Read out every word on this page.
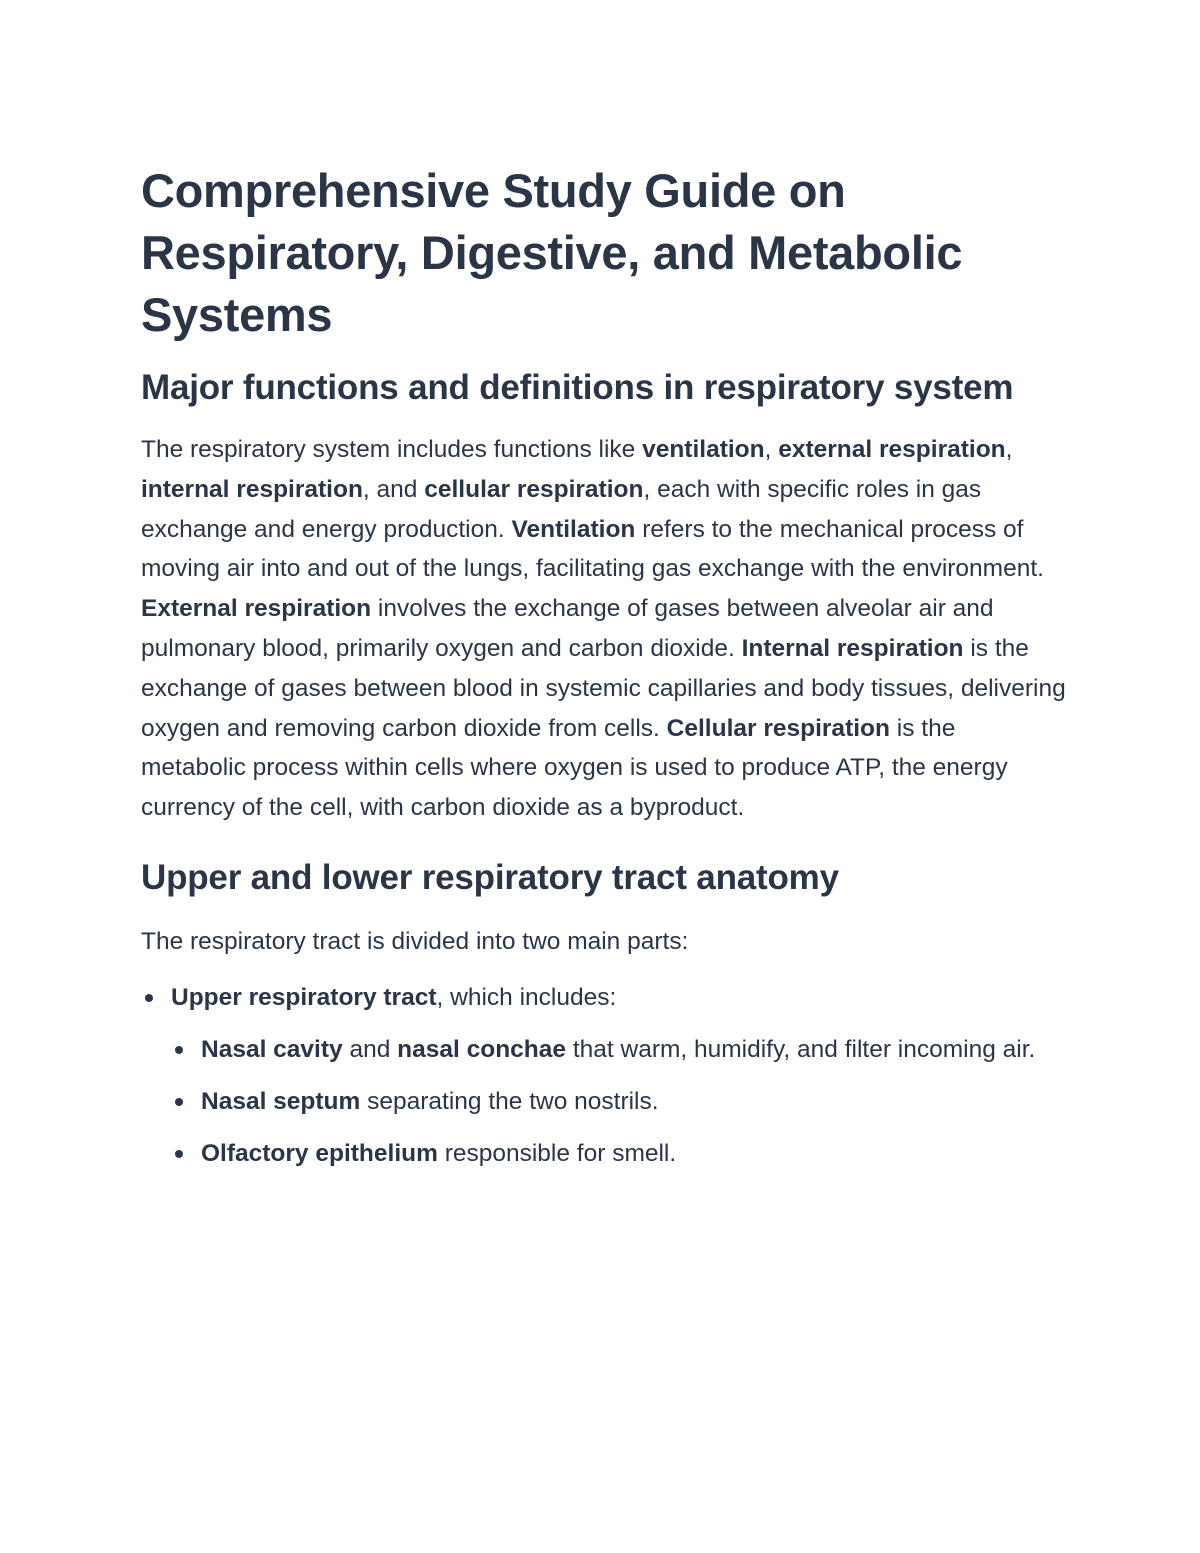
Comprehensive Study Guide on Respiratory, Digestive, and Metabolic Systems
Major functions and definitions in respiratory system

The respiratory system includes functions like ventilation, external respiration, internal respiration, and cellular respiration, each with specific roles in gas exchange and energy production. Ventilation refers to the mechanical process of moving air into and out of the lungs, facilitating gas exchange with the environment. External respiration involves the exchange of gases between alveolar air and pulmonary blood, primarily oxygen and carbon dioxide. Internal respiration is the exchange of gases between blood in systemic capillaries and body tissues, delivering oxygen and removing carbon dioxide from cells. Cellular respiration is the metabolic process within cells where oxygen is used to produce ATP, the energy currency of the cell, with carbon dioxide as a byproduct.

Upper and lower respiratory tract anatomy

The respiratory tract is divided into two main parts:

Upper respiratory tract, which includes:
Nasal cavity and nasal conchae that warm, humidify, and filter incoming air.
Nasal septum separating the two nostrils.
Olfactory epithelium responsible for smell.
